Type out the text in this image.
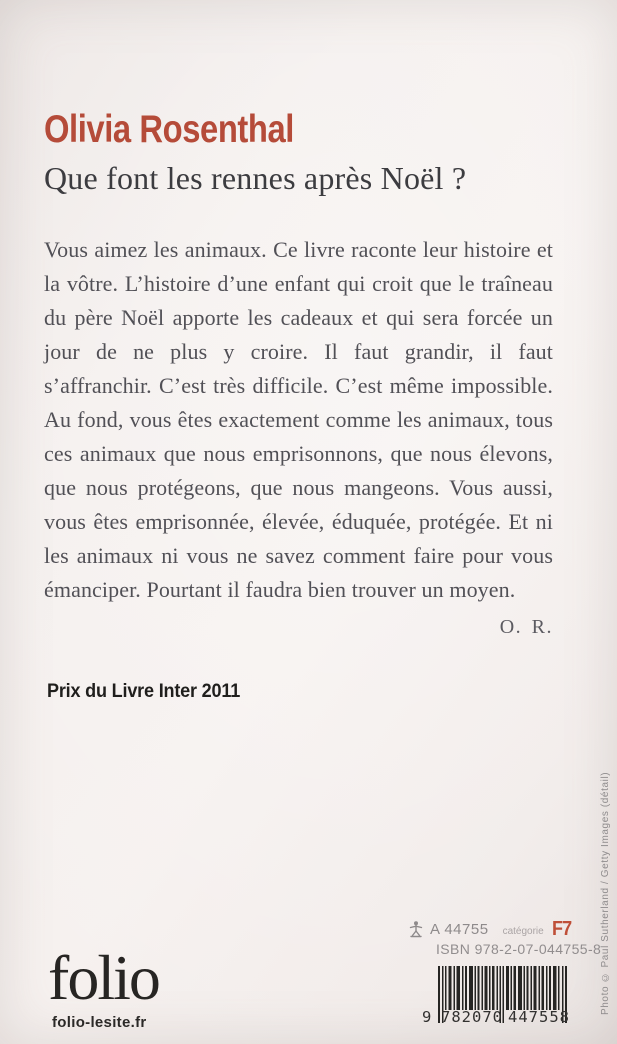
Olivia Rosenthal
Que font les rennes après Noël ?

Vous aimez les animaux. Ce livre raconte leur histoire et la vôtre. L’histoire d’une enfant qui croit que le traîneau du père Noël apporte les cadeaux et qui sera forcée un jour de ne plus y croire. Il faut grandir, il faut s’affranchir. C’est très difficile. C’est même impossible. Au fond, vous êtes exactement comme les animaux, tous ces animaux que nous emprisonnons, que nous élevons, que nous protégeons, que nous mangeons. Vous aussi, vous êtes emprisonnée, élevée, éduquée, protégée. Et ni les animaux ni vous ne savez comment faire pour vous émanciper. Pourtant il faudra bien trouver un moyen.

O. R.
Prix du Livre Inter 2011
folio
folio-lesite.fr
A 44755 catégorie F7
ISBN 978-2-07-044755-8
9 782070 447558
Photo © Paul Sutherland / Getty Images (détail)
